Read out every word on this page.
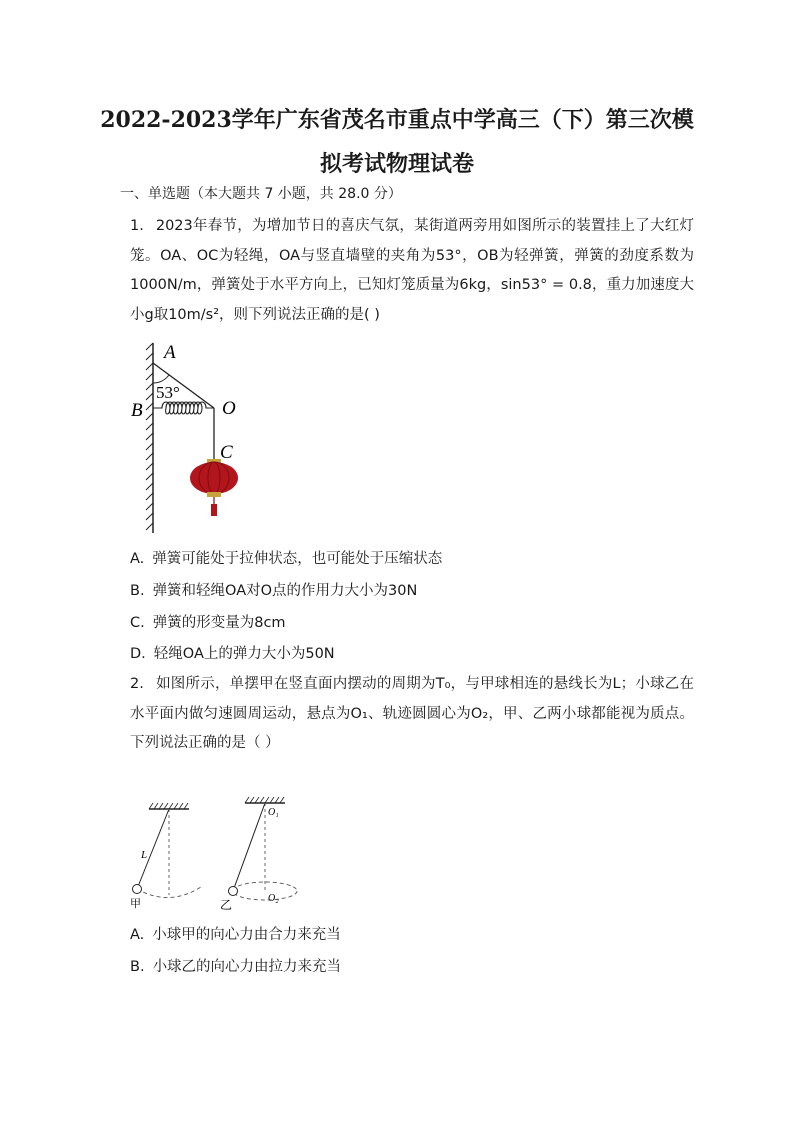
2022-2023学年广东省茂名市重点中学高三（下）第三次模拟考试物理试卷
一、单选题（本大题共 7 小题，共 28.0 分）

1. 2023年春节，为增加节日的喜庆气氛，某街道两旁用如图所示的装置挂上了大红灯笼。OA、OC为轻绳，OA与竖直墙壁的夹角为53°，OB为轻弹簧，弹簧的劲度系数为1000N/m，弹簧处于水平方向上，已知灯笼质量为6kg，sin53° = 0.8，重力加速度大小g取10m/s²，则下列说法正确的是( )

53°
A
B	O
C
A. 弹簧可能处于拉伸状态，也可能处于压缩状态
B. 弹簧和轻绳OA对O点的作用力大小为30N
C. 弹簧的形变量为8cm
D. 轻绳OA上的弹力大小为50N

2. 如图所示，单摆甲在竖直面内摆动的周期为T₀，与甲球相连的悬线长为L；小球乙在水平面内做匀速圆周运动，悬点为O₁、轨迹圆圆心为O₂，甲、乙两小球都能视为质点。下列说法正确的是（ ）

L
甲
O₁
O₂
乙
A. 小球甲的向心力由合力来充当
B. 小球乙的向心力由拉力来充当
